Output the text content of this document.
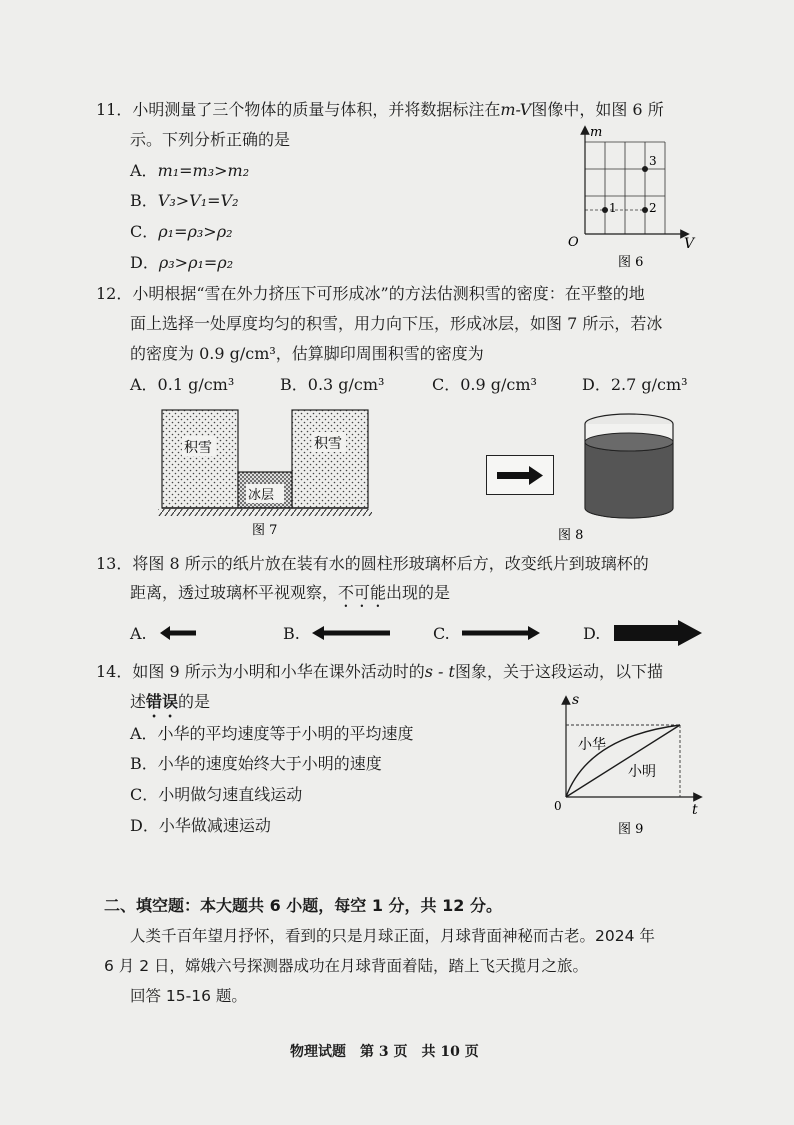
11．小明测量了三个物体的质量与体积，并将数据标注在m-V图像中，如图 6 所
示。下列分析正确的是
A．m₁=m₃>m₂
B．V₃>V₁=V₂
C．ρ₁=ρ₃>ρ₂
D．ρ₃>ρ₁=ρ₂
m
V
O
1	2
3
图 6
12．小明根据“雪在外力挤压下可形成冰”的方法估测积雪的密度：在平整的地
面上选择一处厚度均匀的积雪，用力向下压，形成冰层，如图 7 所示，若冰
的密度为 0.9 g/cm³，估算脚印周围积雪的密度为
A．0.1 g/cm³	B．0.3 g/cm³	C．0.9 g/cm³	D．2.7 g/cm³
积雪	积雪
冰层
图 7	图 8
13．将图 8 所示的纸片放在装有水的圆柱形玻璃杯后方，改变纸片到玻璃杯的
距离，透过玻璃杯平视观察，不可能出现的是
A.	B.	C.	D.
14．如图 9 所示为小明和小华在课外活动时的s - t图象，关于这段运动，以下描
述错误的是
A．小华的平均速度等于小明的平均速度
B．小华的速度始终大于小明的速度
C．小明做匀速直线运动
D．小华做减速运动
s
t
0
小华
小明
图 9
二、填空题：本大题共 6 小题，每空 1 分，共 12 分。
人类千百年望月抒怀，看到的只是月球正面，月球背面神秘而古老。2024 年
6 月 2 日，嫦娥六号探测器成功在月球背面着陆，踏上飞天揽月之旅。
回答 15-16 题。
物理试题　第 3 页　共 10 页
